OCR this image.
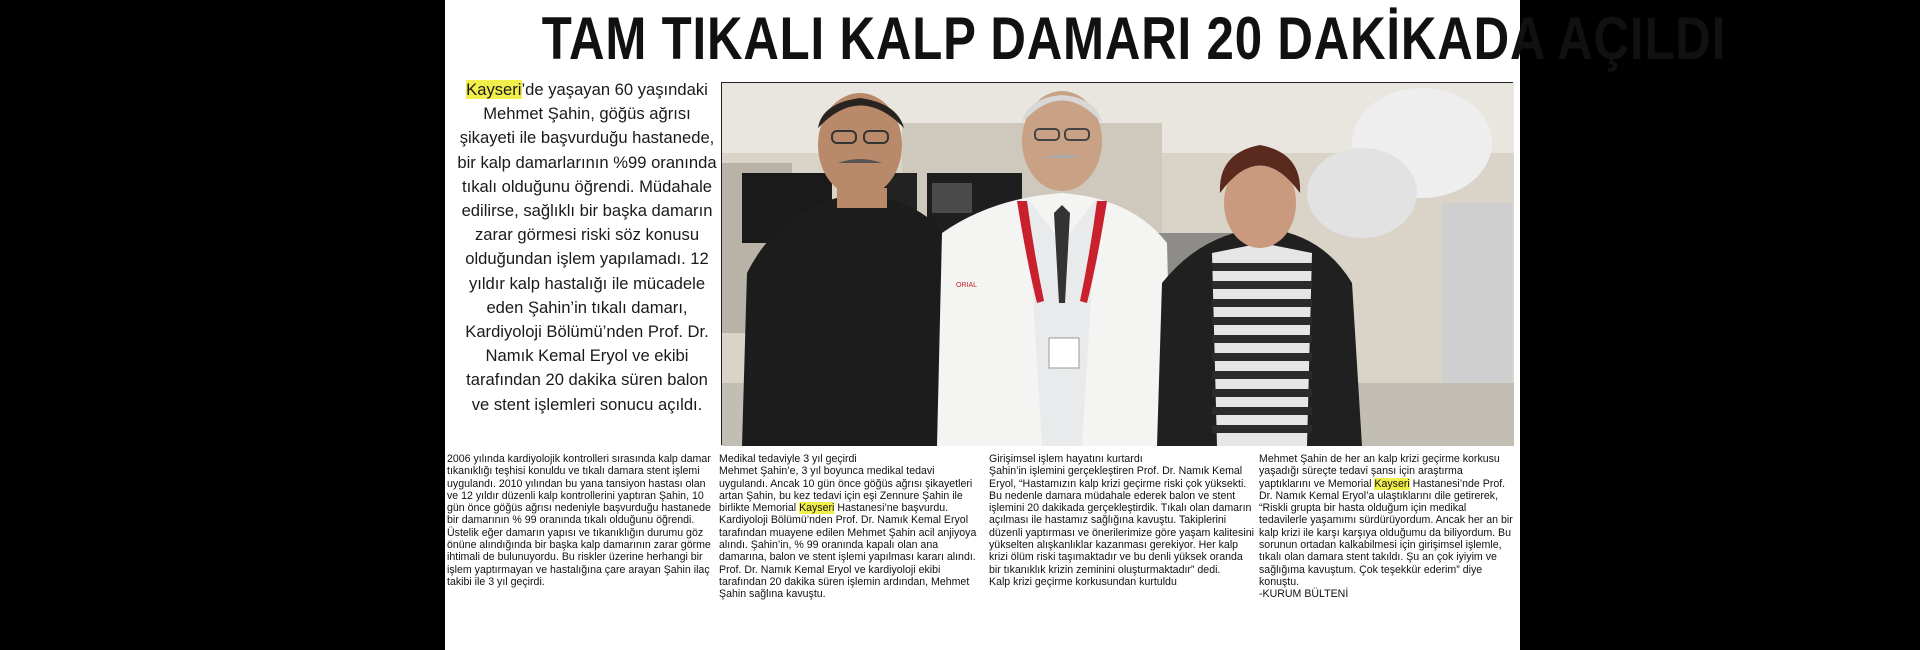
TAM TIKALI KALP DAMARI 20 DAKİKADA AÇILDI
Kayseri’de yaşayan 60 yaşındaki Mehmet Şahin, göğüs ağrısı şikayeti ile başvurduğu hastanede, bir kalp damarlarının %99 oranında tıkalı olduğunu öğrendi. Müdahale edilirse, sağlıklı bir başka damarın zarar görmesi riski söz konusu olduğundan işlem yapılamadı. 12 yıldır kalp hastalığı ile mücadele eden Şahin’in tıkalı damarı, Kardiyoloji Bölümü’nden Prof. Dr. Namık Kemal Eryol ve ekibi tarafından 20 dakika süren balon ve stent işlemleri sonucu açıldı.
ORIAL

2006 yılında kardiyolojik kontrolleri sırasında kalp damar tıkanıklığı teşhisi konuldu ve tıkalı damara stent işlemi uygulandı. 2010 yılından bu yana tansiyon hastası olan ve 12 yıldır düzenli kalp kontrollerini yaptıran Şahin, 10 gün önce göğüs ağrısı nedeniyle başvurduğu hastanede bir damarının % 99 oranında tıkalı olduğunu öğrendi. Üstelik eğer damarın yapısı ve tıkanıklığın durumu göz önüne alındığında bir başka kalp damarının zarar görme ihtimali de bulunuyordu. Bu riskler üzerine herhangi bir işlem yaptırmayan ve hastalığına çare arayan Şahin ilaç takibi ile 3 yıl geçirdi.

Medikal tedaviyle 3 yıl geçirdi

Mehmet Şahin’e, 3 yıl boyunca medikal tedavi uygulandı. Ancak 10 gün önce göğüs ağrısı şikayetleri artan Şahin, bu kez tedavi için eşi Zennure Şahin ile birlikte Memorial Kayseri Hastanesi’ne başvurdu. Kardiyoloji Bölümü’nden Prof. Dr. Namık Kemal Eryol tarafından muayene edilen Mehmet Şahin acil anjiyoya alındı. Şahin’in, % 99 oranında kapalı olan ana damarına, balon ve stent işlemi yapılması kararı alındı. Prof. Dr. Namık Kemal Eryol ve kardiyoloji ekibi tarafından 20 dakika süren işlemin ardından, Mehmet Şahin sağlına kavuştu.

Girişimsel işlem hayatını kurtardı

Şahin’in işlemini gerçekleştiren Prof. Dr. Namık Kemal Eryol, “Hastamızın kalp krizi geçirme riski çok yüksekti. Bu nedenle damara müdahale ederek balon ve stent işlemini 20 dakikada gerçekleştirdik. Tıkalı olan damarın açılması ile hastamız sağlığına kavuştu. Takiplerini düzenli yaptırması ve önerilerimize göre yaşam kalitesini yükselten alışkanlıklar kazanması gerekiyor. Her kalp krizi ölüm riski taşımaktadır ve bu denli yüksek oranda bir tıkanıklık krizin zeminini oluşturmaktadır” dedi.

Kalp krizi geçirme korkusundan kurtuldu

Mehmet Şahin de her an kalp krizi geçirme korkusu yaşadığı süreçte tedavi şansı için araştırma yaptıklarını ve Memorial Kayseri Hastanesi’nde Prof. Dr. Namık Kemal Eryol’a ulaştıklarını dile getirerek, “Riskli grupta bir hasta olduğum için medikal tedavilerle yaşamımı sürdürüyordum. Ancak her an bir kalp krizi ile karşı karşıya olduğumu da biliyordum. Bu sorunun ortadan kalkabilmesi için girişimsel işlemle, tıkalı olan damara stent takıldı. Şu an çok iyiyim ve sağlığıma kavuştum. Çok teşekkür ederim” diye konuştu.

-KURUM BÜLTENİ
